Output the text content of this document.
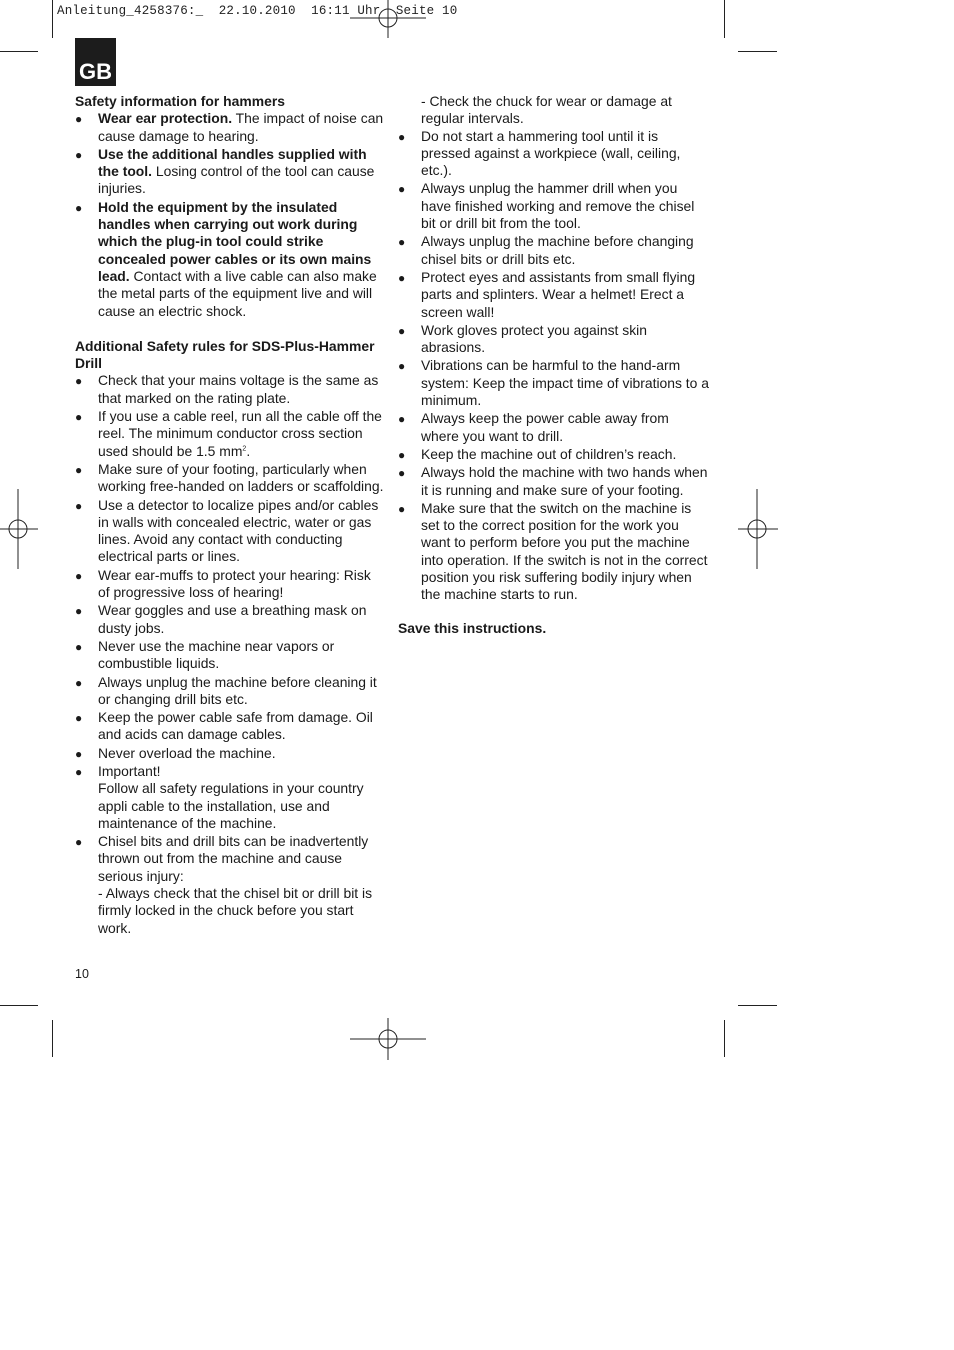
Anleitung_4258376:_  22.10.2010  16:11 Uhr  Seite 10
GB

Safety information for hammers

● Wear ear protection. The impact of noise can cause damage to hearing.
● Use the additional handles supplied with the tool. Losing control of the tool can cause injuries.
● Hold the equipment by the insulated handles when carrying out work during which the plug-in tool could strike concealed power cables or its own mains lead. Contact with a live cable can also make the metal parts of the equipment live and will cause an electric shock.

Additional Safety rules for SDS-Plus-Hammer Drill

● Check that your mains voltage is the same as that marked on the rating plate.
● If you use a cable reel, run all the cable off the reel. The minimum conductor cross section used should be 1.5 $mm^2$.
● Make sure of your footing, particularly when working free-handed on ladders or scaffolding.
● Use a detector to localize pipes and/or cables in walls with concealed electric, water or gas lines. Avoid any contact with conducting electrical parts or lines.
● Wear ear-muffs to protect your hearing: Risk of progressive loss of hearing!
● Wear goggles and use a breathing mask on dusty jobs.
● Never use the machine near vapors or combustible liquids.
● Always unplug the machine before cleaning it or changing drill bits etc.
● Keep the power cable safe from damage. Oil and acids can damage cables.
● Never overload the machine.
● Important!
Follow all safety regulations in your country appli cable to the installation, use and maintenance of the machine.
● Chisel bits and drill bits can be inadvertently thrown out from the machine and cause serious injury:
- Always check that the chisel bit or drill bit is firmly locked in the chuck before you start work.
10
- Check the chuck for wear or damage at regular intervals.
● Do not start a hammering tool until it is pressed against a workpiece (wall, ceiling, etc.).
● Always unplug the hammer drill when you have finished working and remove the chisel bit or drill bit from the tool.
● Always unplug the machine before changing chisel bits or drill bits etc.
● Protect eyes and assistants from small flying parts and splinters. Wear a helmet! Erect a screen wall!
● Work gloves protect you against skin abrasions.
● Vibrations can be harmful to the hand-arm system: Keep the impact time of vibrations to a minimum.
● Always keep the power cable away from where you want to drill.
● Keep the machine out of children’s reach.
● Always hold the machine with two hands when it is running and make sure of your footing.
● Make sure that the switch on the machine is set to the correct position for the work you want to perform before you put the machine into operation. If the switch is not in the correct position you risk suffering bodily injury when the machine starts to run.

Save this instructions.
